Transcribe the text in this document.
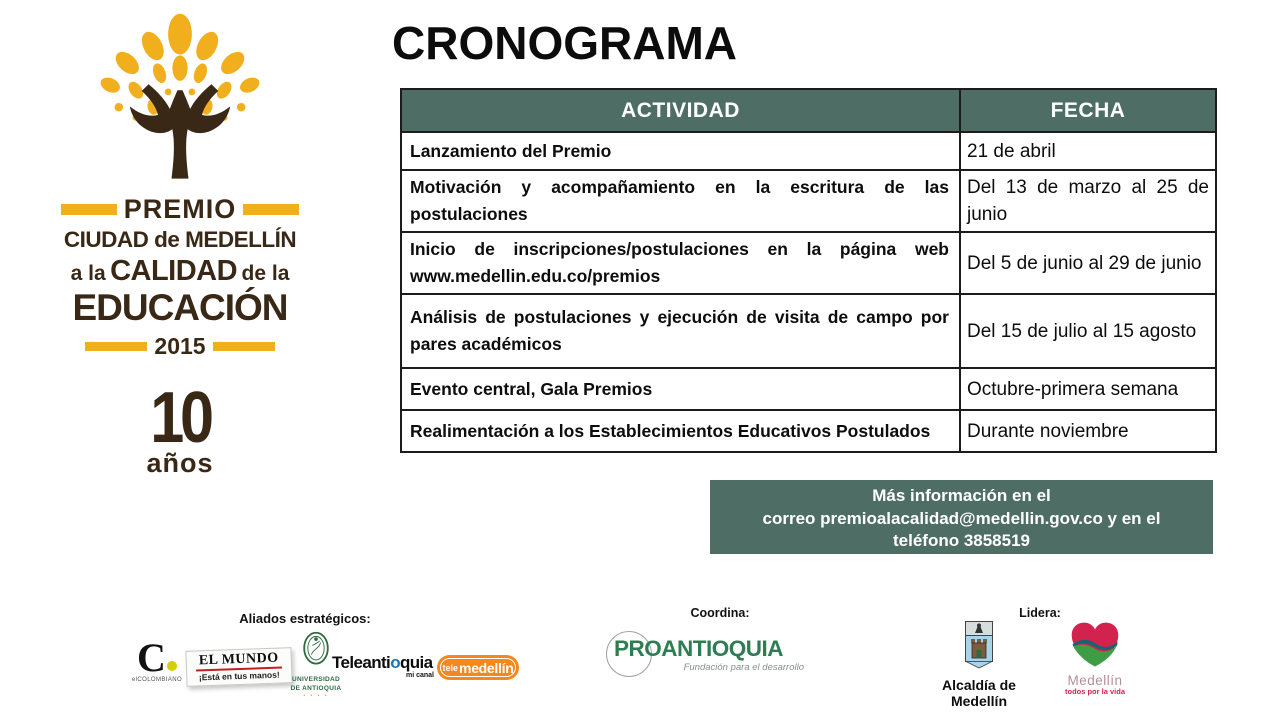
PREMIO
CIUDAD de MEDELLÍN
a la CALIDAD de la
EDUCACIÓN
2015
10
años
CRONOGRAMA
ACTIVIDAD	FECHA
Lanzamiento del Premio	21 de abril
Motivación y acompañamiento en la escritura de las postulaciones	Del 13 de marzo al 25 de junio
Inicio de inscripciones/postulaciones en la página web www.medellin.edu.co/premios	Del 5 de junio al 29 de junio
Análisis de postulaciones y ejecución de visita de campo por pares académicos	Del 15 de julio al 15 agosto
Evento central, Gala Premios	Octubre-primera semana
Realimentación a los Establecimientos Educativos Postulados	Durante noviembre
Más información en el
correo premioalacalidad@medellin.gov.co y en el
teléfono 3858519
Aliados estratégicos:	Coordina:	Lidera:
C
elCOLOMBIANO
EL MUNDO
¡Está en tus manos!	UNIVERSIDAD
DE ANTIOQUIA
• • • •
Teleantioquia
mi canal
tele medellín
PROANTIOQUIA
Fundación para el desarrollo
Alcaldía de Medellín
Medellín
todos por la vida
